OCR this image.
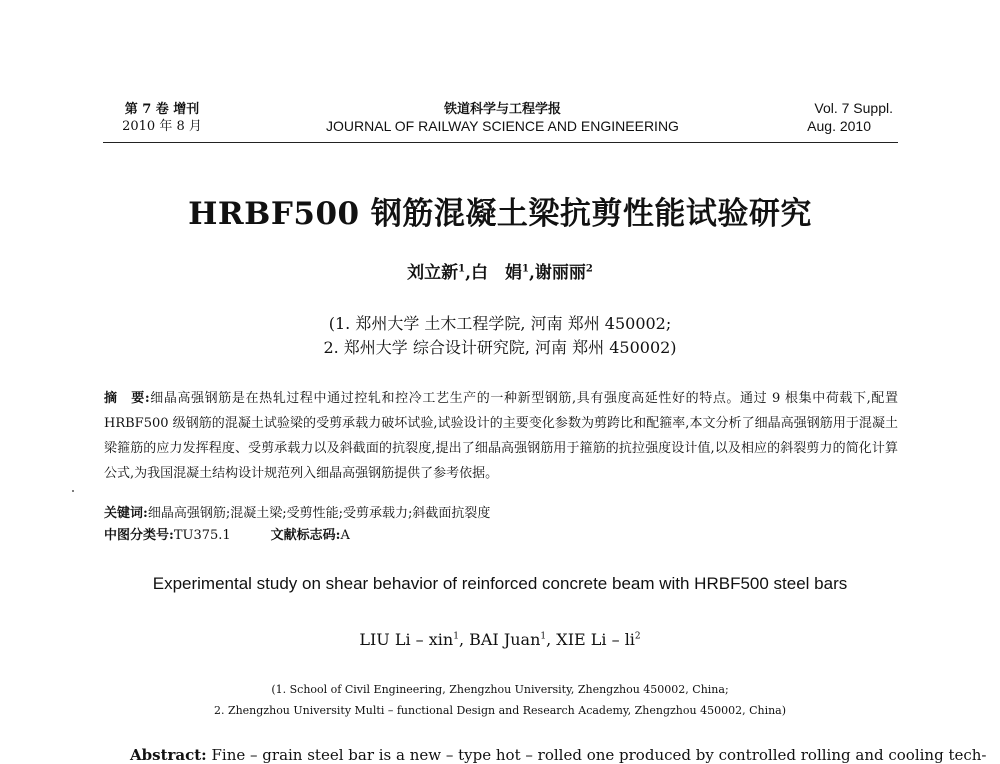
第 7 卷 增刊
2010 年 8 月
铁道科学与工程学报
JOURNAL OF RAILWAY SCIENCE AND ENGINEERING
Vol. 7 Suppl.
Aug. 2010
HRBF500 钢筋混凝土梁抗剪性能试验研究
刘立新$^1$,白　娟$^1$,谢丽丽$^2$
(1. 郑州大学 土木工程学院, 河南 郑州 450002;
2. 郑州大学 综合设计研究院, 河南 郑州 450002)
摘　要:细晶高强钢筋是在热轧过程中通过控轧和控冷工艺生产的一种新型钢筋,具有强度高延性好的特点。通过 9 根集中荷载下,配置 HRBF500 级钢筋的混凝土试验梁的受剪承载力破坏试验,试验设计的主要变化参数为剪跨比和配箍率,本文分析了细晶高强钢筋用于混凝土梁箍筋的应力发挥程度、受剪承载力以及斜截面的抗裂度,提出了细晶高强钢筋用于箍筋的抗拉强度设计值,以及相应的斜裂剪力的简化计算公式,为我国混凝土结构设计规范列入细晶高强钢筋提供了参考依据。
关键词:细晶高强钢筋;混凝土梁;受剪性能;受剪承载力;斜截面抗裂度
中图分类号:TU375.1	文献标志码:A
Experimental study on shear behavior of reinforced concrete beam with HRBF500 steel bars
LIU Li – xin$^1$, BAI Juan$^1$, XIE Li – $li^2$
(1. School of Civil Engineering, Zhengzhou University, Zhengzhou 450002, China;
2. Zhengzhou University Multi – functional Design and Research Academy, Zhengzhou 450002, China)
Abstract: Fine – grain steel bar is a new – type hot – rolled one produced by controlled rolling and cooling tech-
